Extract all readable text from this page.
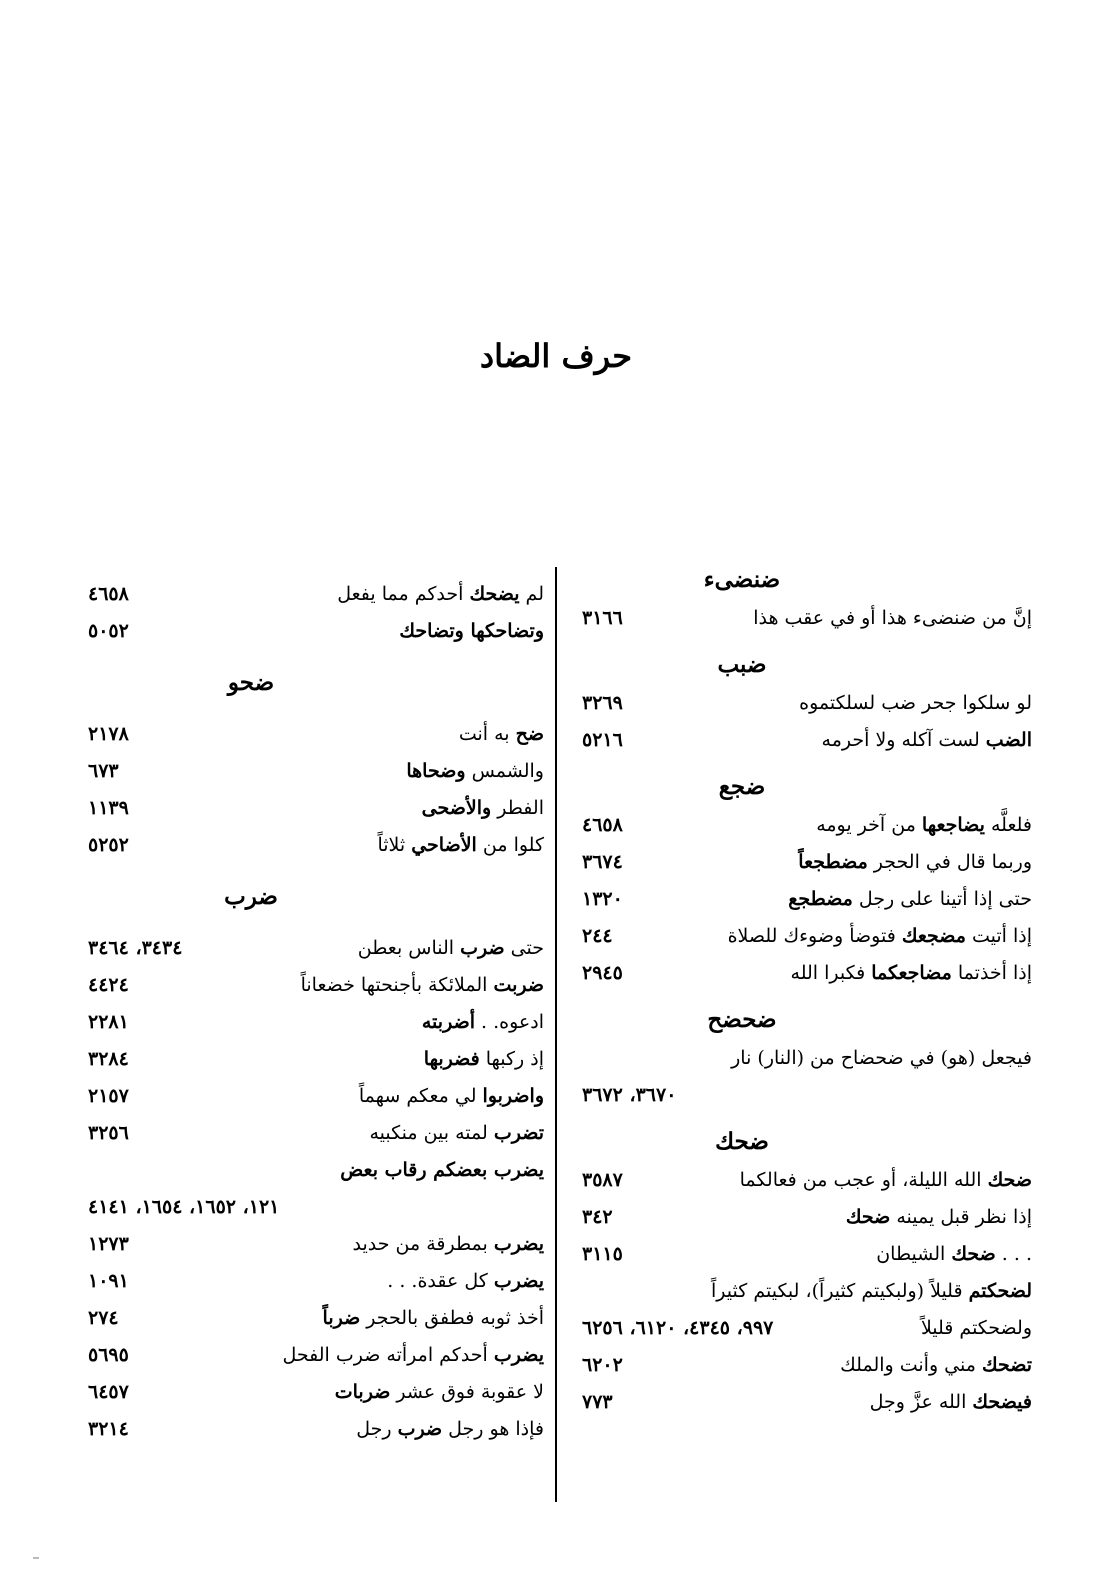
حرف الضاد
ضنضىء
إنَّ من ضنضىء هذا أو في عقب هذا
٣١٦٦
ضبب
لو سلكوا جحر ضب لسلكتموه
٣٢٦٩
الضب لست آكله ولا أحرمه
٥٢١٦
ضجع
فلعلَّه يضاجعها من آخر يومه
٤٦٥٨
وربما قال في الحجر مضطجعاً
٣٦٧٤
حتى إذا أتينا على رجل مضطجع
١٣٢٠
إذا أتيت مضجعك فتوضأ وضوءك للصلاة
٢٤٤
إذا أخذتما مضاجعكما فكبرا الله
٢٩٤٥
ضحضح
فيجعل (هو) في ضحضاح من (النار) نار
٣٦٧٠، ٣٦٧٢
ضحك
ضحك الله الليلة، أو عجب من فعالكما
٣٥٨٧
إذا نظر قبل يمينه ضحك
٣٤٢
. . . ضحك الشيطان
٣١١٥
لضحكتم قليلاً (ولبكيتم كثيراً)، لبكيتم كثيراً
ولضحكتم قليلاً
٩٩٧، ٤٣٤٥، ٦١٢٠، ٦٢٥٦
تضحك مني وأنت والملك
٦٢٠٢
فيضحك الله عزَّ وجل
٧٧٣
لم يضحك أحدكم مما يفعل
٤٦٥٨
وتضاحكها وتضاحك
٥٠٥٢
ضحو
ضح به أنت
٢١٧٨
والشمس وضحاها
٦٧٣
الفطر والأضحى
١١٣٩
كلوا من الأضاحي ثلاثاً
٥٢٥٢
ضرب
حتى ضرب الناس بعطن
٣٤٣٤، ٣٤٦٤
ضربت الملائكة بأجنحتها خضعاناً
٤٤٢٤
ادعوه. . أضربته
٢٢٨١
إذ ركبها فضربها
٣٢٨٤
واضربوا لي معكم سهماً
٢١٥٧
تضرب لمته بين منكبيه
٣٢٥٦
يضرب بعضكم رقاب بعض
١٢١، ١٦٥٢، ١٦٥٤، ٤١٤١
يضرب بمطرقة من حديد
١٢٧٣
يضرب كل عقدة. . .
١٠٩١
أخذ ثوبه فطفق بالحجر ضرباً
٢٧٤
يضرب أحدكم امرأته ضرب الفحل
٥٦٩٥
لا عقوبة فوق عشر ضربات
٦٤٥٧
فإذا هو رجل ضرب رجل
٣٢١٤
